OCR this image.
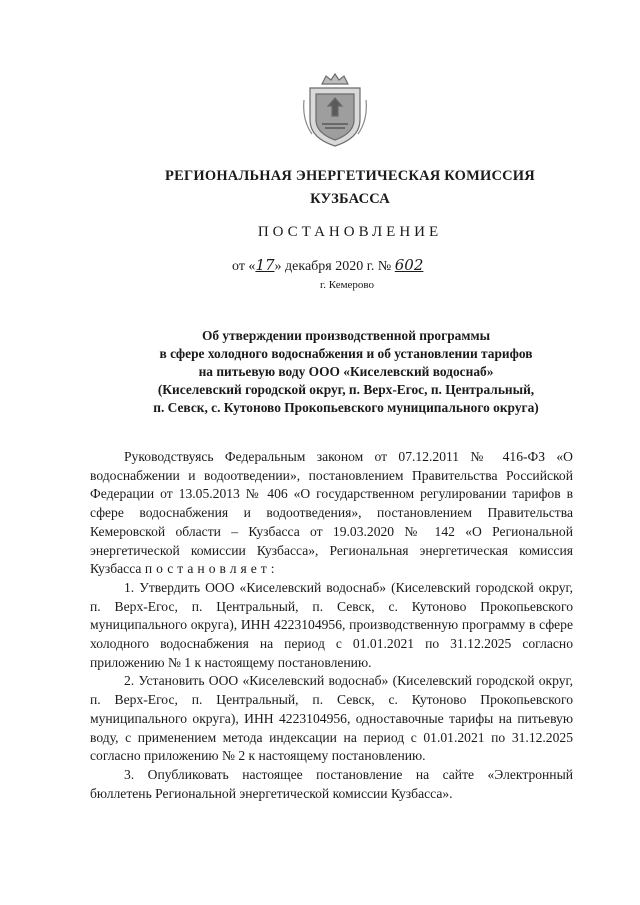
РЕГИОНАЛЬНАЯ ЭНЕРГЕТИЧЕСКАЯ КОМИССИЯ
КУЗБАССА
ПОСТАНОВЛЕНИЕ
от «17» декабря 2020 г. № 602
г. Кемерово
Об утверждении производственной программы
в сфере холодного водоснабжения и об установлении тарифов
на питьевую воду ООО «Киселевский водоснаб»
(Киселевский городской округ, п. Верх-Егос, п. Центральный,
п. Севск, с. Кутоново Прокопьевского муниципального округа)

Руководствуясь Федеральным законом от 07.12.2011 № 416-ФЗ «О водоснабжении и водоотведении», постановлением Правительства Российской Федерации от 13.05.2013 № 406 «О государственном регулировании тарифов в сфере водоснабжения и водоотведения», постановлением Правительства Кемеровской области – Кузбасса от 19.03.2020 № 142 «О Региональной энергетической комиссии Кузбасса», Региональная энергетическая комиссия Кузбасса постановляет:

1. Утвердить ООО «Киселевский водоснаб» (Киселевский городской округ, п. Верх-Егос, п. Центральный, п. Севск, с. Кутоново Прокопьевского муниципального округа), ИНН 4223104956, производственную программу в сфере холодного водоснабжения на период с 01.01.2021 по 31.12.2025 согласно приложению № 1 к настоящему постановлению.

2. Установить ООО «Киселевский водоснаб» (Киселевский городской округ, п. Верх-Егос, п. Центральный, п. Севск, с. Кутоново Прокопьевского муниципального округа), ИНН 4223104956, одноставочные тарифы на питьевую воду, с применением метода индексации на период с 01.01.2021 по 31.12.2025 согласно приложению № 2 к настоящему постановлению.

3. Опубликовать настоящее постановление на сайте «Электронный бюллетень Региональной энергетической комиссии Кузбасса».
